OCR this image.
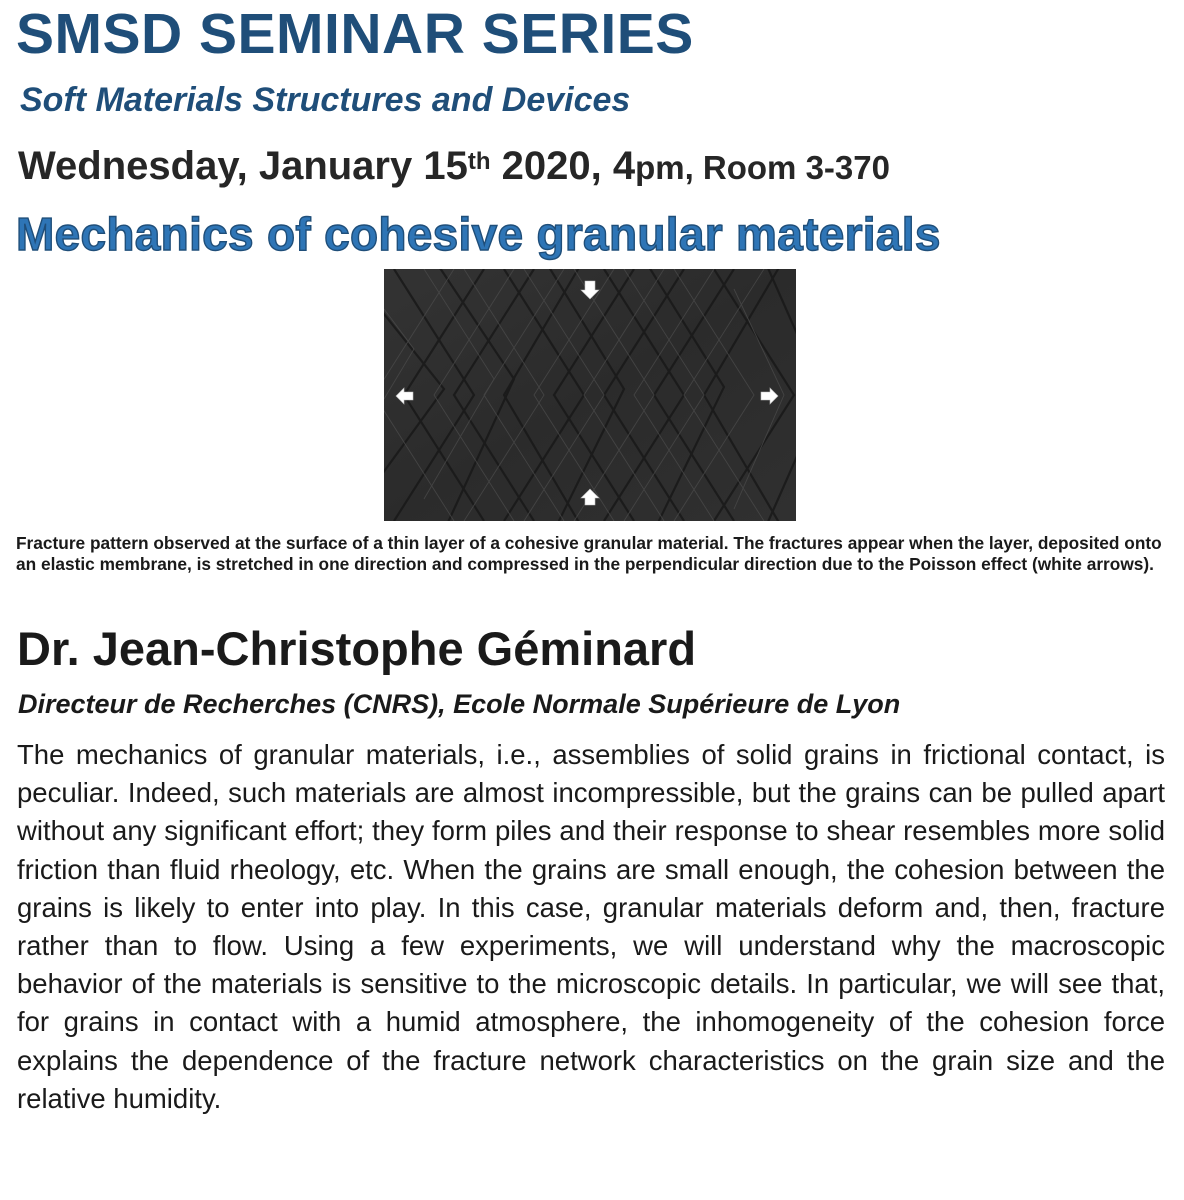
SMSD SEMINAR SERIES
Soft Materials Structures and Devices
Wednesday, January 15th 2020, 4pm, Room 3-370
Mechanics of cohesive granular materials
Fracture pattern observed at the surface of a thin layer of a cohesive granular material. The fractures appear when the layer, deposited onto an elastic membrane, is stretched in one direction and compressed in the perpendicular direction due to the Poisson effect (white arrows).
Dr. Jean-Christophe Géminard
Directeur de Recherches (CNRS), Ecole Normale Supérieure de Lyon
The mechanics of granular materials, i.e., assemblies of solid grains in frictional contact, is peculiar. Indeed, such materials are almost incompressible, but the grains can be pulled apart without any significant effort; they form piles and their response to shear resembles more solid friction than fluid rheology, etc. When the grains are small enough, the cohesion between the grains is likely to enter into play. In this case, granular materials deform and, then, fracture rather than to flow. Using a few experiments, we will understand why the macroscopic behavior of the materials is sensitive to the microscopic details. In particular, we will see that, for grains in contact with a humid atmosphere, the inhomogeneity of the cohesion force explains the dependence of the fracture network characteristics on the grain size and the relative humidity.
